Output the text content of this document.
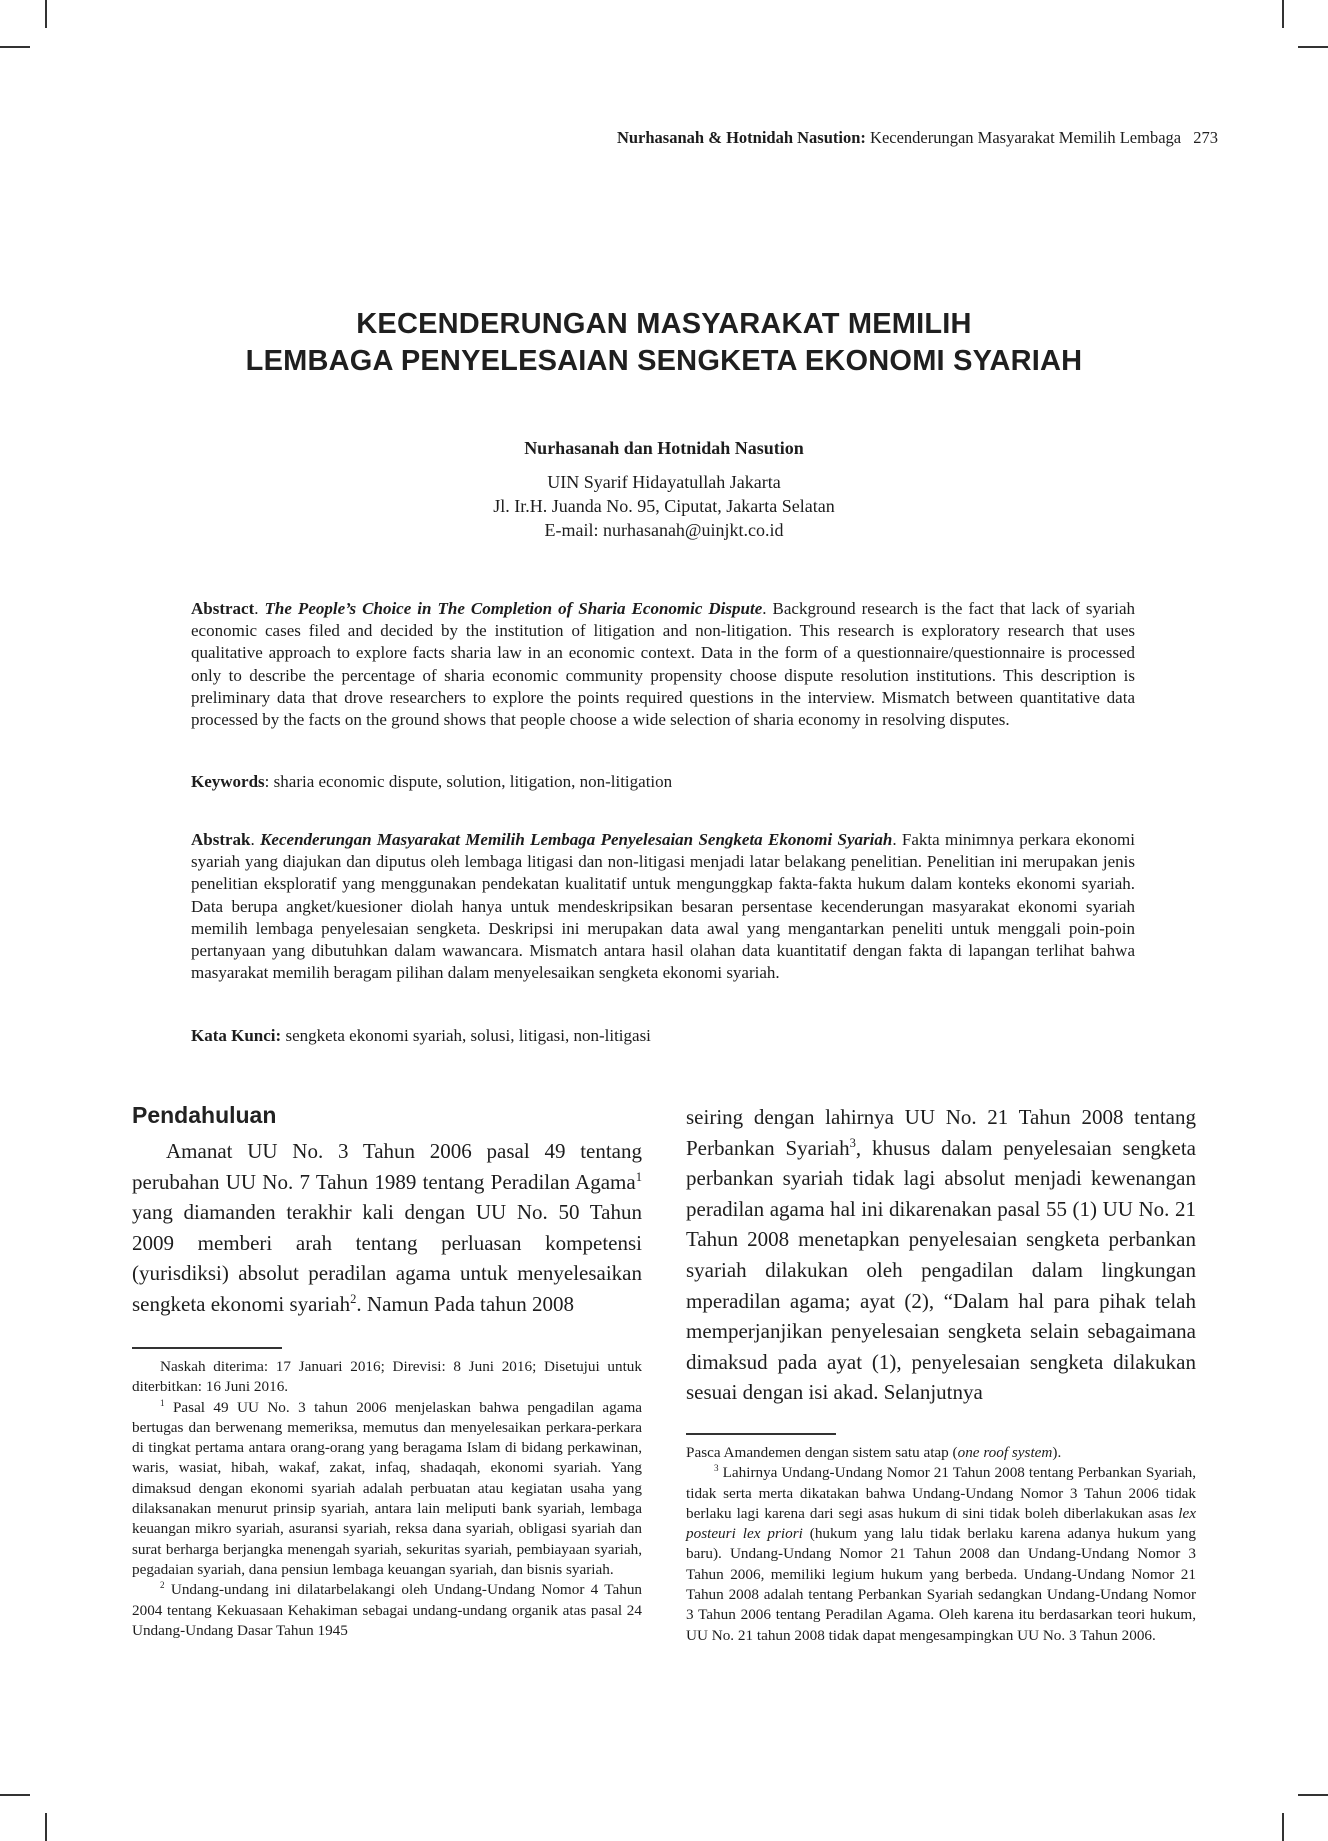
Nurhasanah & Hotnidah Nasution: Kecenderungan Masyarakat Memilih Lembaga 273
KECENDERUNGAN MASYARAKAT MEMILIH
LEMBAGA PENYELESAIAN SENGKETA EKONOMI SYARIAH
Nurhasanah dan Hotnidah Nasution
UIN Syarif Hidayatullah Jakarta
Jl. Ir.H. Juanda No. 95, Ciputat, Jakarta Selatan
E-mail: nurhasanah@uinjkt.co.id
Abstract. The People’s Choice in The Completion of Sharia Economic Dispute. Background research is the fact that lack of syariah economic cases filed and decided by the institution of litigation and non-litigation. This research is exploratory research that uses qualitative approach to explore facts sharia law in an economic context. Data in the form of a questionnaire/questionnaire is processed only to describe the percentage of sharia economic community propensity choose dispute resolution institutions. This description is preliminary data that drove researchers to explore the points required questions in the interview. Mismatch between quantitative data processed by the facts on the ground shows that people choose a wide selection of sharia economy in resolving disputes.
Keywords: sharia economic dispute, solution, litigation, non-litigation
Abstrak. Kecenderungan Masyarakat Memilih Lembaga Penyelesaian Sengketa Ekonomi Syariah. Fakta minimnya perkara ekonomi syariah yang diajukan dan diputus oleh lembaga litigasi dan non-litigasi menjadi latar belakang penelitian. Penelitian ini merupakan jenis penelitian eksploratif yang menggunakan pendekatan kualitatif untuk mengunggkap fakta-fakta hukum dalam konteks ekonomi syariah. Data berupa angket/kuesioner diolah hanya untuk mendeskripsikan besaran persentase kecenderungan masyarakat ekonomi syariah memilih lembaga penyelesaian sengketa. Deskripsi ini merupakan data awal yang mengantarkan peneliti untuk menggali poin-poin pertanyaan yang dibutuhkan dalam wawancara. Mismatch antara hasil olahan data kuantitatif dengan fakta di lapangan terlihat bahwa masyarakat memilih beragam pilihan dalam menyelesaikan sengketa ekonomi syariah.
Kata Kunci: sengketa ekonomi syariah, solusi, litigasi, non-litigasi
Pendahuluan
Amanat UU No. 3 Tahun 2006 pasal 49 tentang perubahan UU No. 7 Tahun 1989 tentang Peradilan Agama$^1$ yang diamanden terakhir kali dengan UU No. 50 Tahun 2009 memberi arah tentang perluasan kompetensi (yurisdiksi) absolut peradilan agama untuk menyelesaikan sengketa ekonomi syariah$^2$. Namun Pada tahun 2008
seiring dengan lahirnya UU No. 21 Tahun 2008 tentang Perbankan Syariah$^3$, khusus dalam penyelesaian sengketa perbankan syariah tidak lagi absolut menjadi kewenangan peradilan agama hal ini dikarenakan pasal 55 (1) UU No. 21 Tahun 2008 menetapkan penyelesaian sengketa perbankan syariah dilakukan oleh pengadilan dalam lingkungan mperadilan agama; ayat (2), “Dalam hal para pihak telah memperjanjikan penyelesaian sengketa selain sebagaimana dimaksud pada ayat (1), penyelesaian sengketa dilakukan sesuai dengan isi akad. Selanjutnya

Naskah diterima: 17 Januari 2016; Direvisi: 8 Juni 2016; Disetujui untuk diterbitkan: 16 Juni 2016.

$^1$ Pasal 49 UU No. 3 tahun 2006 menjelaskan bahwa pengadilan agama bertugas dan berwenang memeriksa, memutus dan menyelesaikan perkara-perkara di tingkat pertama antara orang-orang yang beragama Islam di bidang perkawinan, waris, wasiat, hibah, wakaf, zakat, infaq, shadaqah, ekonomi syariah. Yang dimaksud dengan ekonomi syariah adalah perbuatan atau kegiatan usaha yang dilaksanakan menurut prinsip syariah, antara lain meliputi bank syariah, lembaga keuangan mikro syariah, asuransi syariah, reksa dana syariah, obligasi syariah dan surat berharga berjangka menengah syariah, sekuritas syariah, pembiayaan syariah, pegadaian syariah, dana pensiun lembaga keuangan syariah, dan bisnis syariah.

$^2$ Undang-undang ini dilatarbelakangi oleh Undang-Undang Nomor 4 Tahun 2004 tentang Kekuasaan Kehakiman sebagai undang-undang organik atas pasal 24 Undang-Undang Dasar Tahun 1945

Pasca Amandemen dengan sistem satu atap (one roof system).

$^3$ Lahirnya Undang-Undang Nomor 21 Tahun 2008 tentang Perbankan Syariah, tidak serta merta dikatakan bahwa Undang-Undang Nomor 3 Tahun 2006 tidak berlaku lagi karena dari segi asas hukum di sini tidak boleh diberlakukan asas lex posteuri lex priori (hukum yang lalu tidak berlaku karena adanya hukum yang baru). Undang-Undang Nomor 21 Tahun 2008 dan Undang-Undang Nomor 3 Tahun 2006, memiliki legium hukum yang berbeda. Undang-Undang Nomor 21 Tahun 2008 adalah tentang Perbankan Syariah sedangkan Undang-Undang Nomor 3 Tahun 2006 tentang Peradilan Agama. Oleh karena itu berdasarkan teori hukum, UU No. 21 tahun 2008 tidak dapat mengesampingkan UU No. 3 Tahun 2006.
